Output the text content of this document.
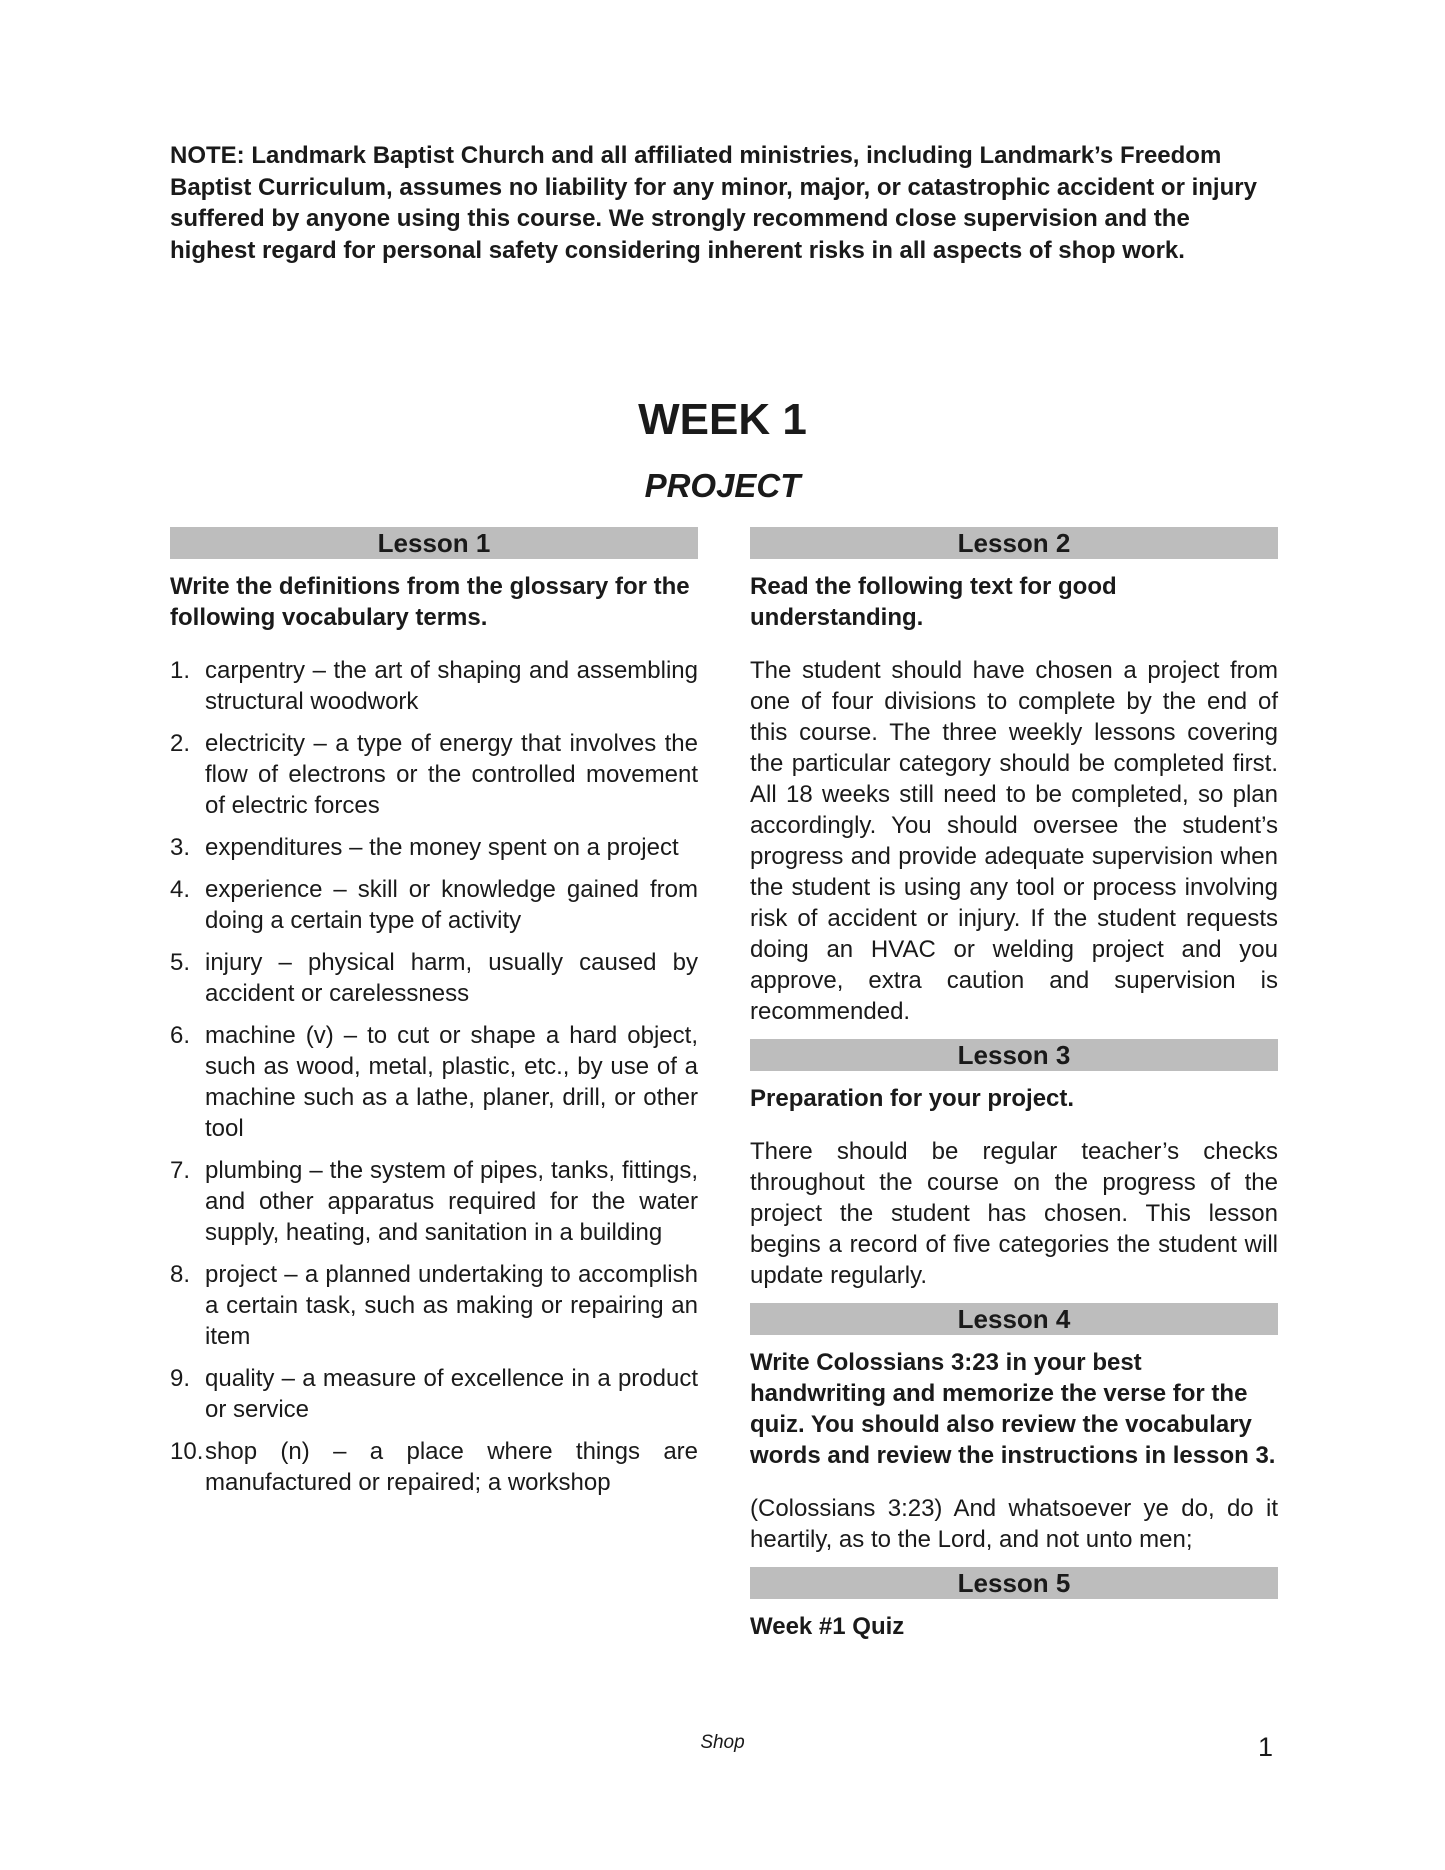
NOTE: Landmark Baptist Church and all affiliated ministries, including Landmark’s Freedom Baptist Curriculum, assumes no liability for any minor, major, or catastrophic accident or injury suffered by anyone using this course. We strongly recommend close supervision and the highest regard for personal safety considering inherent risks in all aspects of shop work.

WEEK 1
PROJECT
Lesson 1

Write the definitions from the glossary for the following vocabulary terms.

1. carpentry – the art of shaping and assembling structural woodwork
2. electricity – a type of energy that involves the flow of electrons or the controlled movement of electric forces
3. expenditures – the money spent on a project
4. experience – skill or knowledge gained from doing a certain type of activity
5. injury – physical harm, usually caused by accident or carelessness
6. machine (v) – to cut or shape a hard object, such as wood, metal, plastic, etc., by use of a machine such as a lathe, planer, drill, or other tool
7. plumbing – the system of pipes, tanks, fittings, and other apparatus required for the water supply, heating, and sanitation in a building
8. project – a planned undertaking to accomplish a certain task, such as making or repairing an item
9. quality – a measure of excellence in a product or service
10. shop (n) – a place where things are manufactured or repaired; a workshop
Lesson 2

Read the following text for good understanding.

The student should have chosen a project from one of four divisions to complete by the end of this course. The three weekly lessons covering the particular category should be completed first. All 18 weeks still need to be completed, so plan accordingly. You should oversee the student’s progress and provide adequate supervision when the student is using any tool or process involving risk of accident or injury. If the student requests doing an HVAC or welding project and you approve, extra caution and supervision is recommended.

Lesson 3

Preparation for your project.

There should be regular teacher’s checks throughout the course on the progress of the project the student has chosen. This lesson begins a record of five categories the student will update regularly.

Lesson 4

Write Colossians 3:23 in your best handwriting and memorize the verse for the quiz. You should also review the vocabulary words and review the instructions in lesson 3.

(Colossians 3:23) And whatsoever ye do, do it heartily, as to the Lord, and not unto men;

Lesson 5

Week #1 Quiz

Shop	1
